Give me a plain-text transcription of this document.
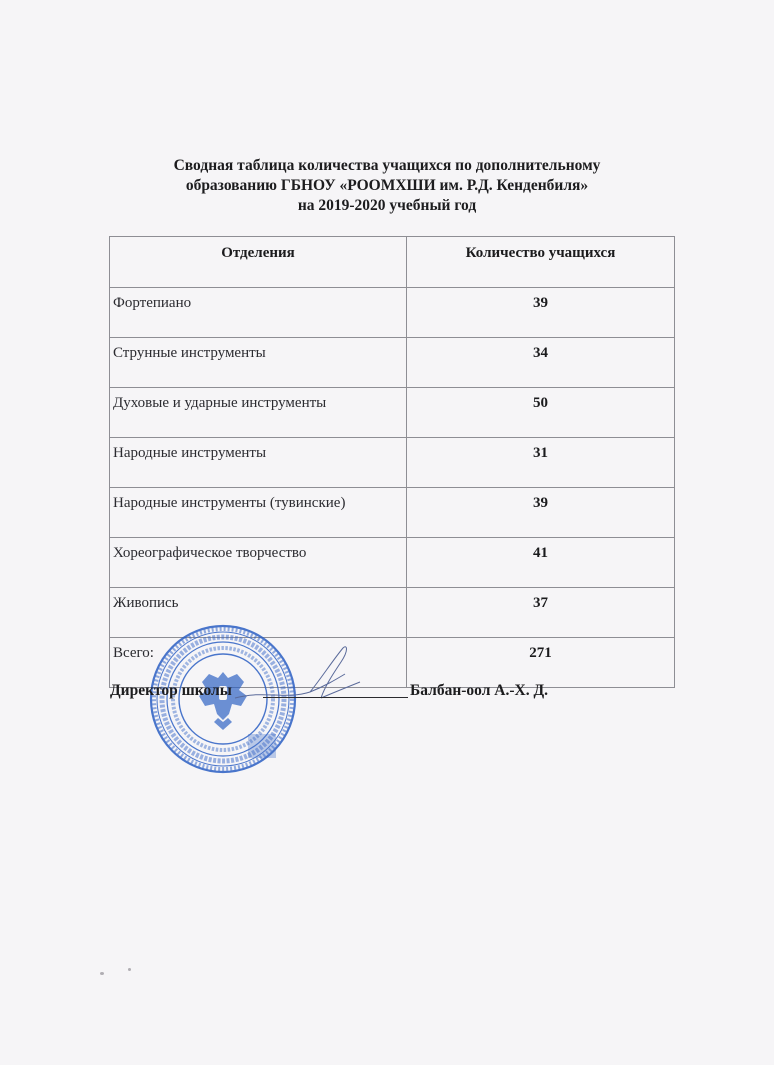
Сводная таблица количества учащихся по дополнительному
образованию ГБНОУ «РООМХШИ им. Р.Д. Кенденбиля»
на 2019-2020 учебный год
Отделения	Количество учащихся
Фортепиано	39
Струнные инструменты	34
Духовые и ударные инструменты	50
Народные инструменты	31
Народные инструменты (тувинские)	39
Хореографическое творчество	41
Живопись	37
Всего:	271
Директор школы	Балбан-оол А.-Х. Д.
